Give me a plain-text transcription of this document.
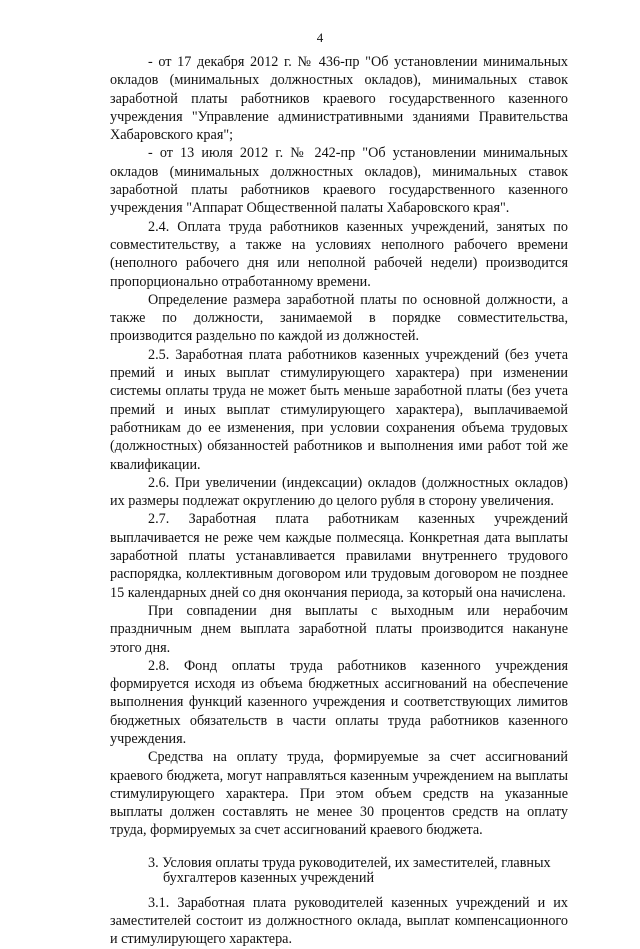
4

- от 17 декабря 2012 г. № 436-пр "Об установлении минимальных окладов (минимальных должностных окладов), минимальных ставок заработной платы работников краевого государственного казенного учреждения "Управление административными зданиями Правительства Хабаровского края";

- от 13 июля 2012 г. № 242-пр "Об установлении минимальных окладов (минимальных должностных окладов), минимальных ставок заработной платы работников краевого государственного казенного учреждения "Аппарат Общественной палаты Хабаровского края".

2.4. Оплата труда работников казенных учреждений, занятых по совместительству, а также на условиях неполного рабочего времени (неполного рабочего дня или неполной рабочей недели) производится пропорционально отработанному времени.

Определение размера заработной платы по основной должности, а также по должности, занимаемой в порядке совместительства, производится раздельно по каждой из должностей.

2.5. Заработная плата работников казенных учреждений (без учета премий и иных выплат стимулирующего характера) при изменении системы оплаты труда не может быть меньше заработной платы (без учета премий и иных выплат стимулирующего характера), выплачиваемой работникам до ее изменения, при условии сохранения объема трудовых (должностных) обязанностей работников и выполнения ими работ той же квалификации.

2.6. При увеличении (индексации) окладов (должностных окладов) их размеры подлежат округлению до целого рубля в сторону увеличения.

2.7. Заработная плата работникам казенных учреждений выплачивается не реже чем каждые полмесяца. Конкретная дата выплаты заработной платы устанавливается правилами внутреннего трудового распорядка, коллективным договором или трудовым договором не позднее 15 календарных дней со дня окончания периода, за который она начислена.

При совпадении дня выплаты с выходным или нерабочим праздничным днем выплата заработной платы производится накануне этого дня.

2.8. Фонд оплаты труда работников казенного учреждения формируется исходя из объема бюджетных ассигнований на обеспечение выполнения функций казенного учреждения и соответствующих лимитов бюджетных обязательств в части оплаты труда работников казенного учреждения.

Средства на оплату труда, формируемые за счет ассигнований краевого бюджета, могут направляться казенным учреждением на выплаты стимулирующего характера. При этом объем средств на указанные выплаты должен составлять не менее 30 процентов средств на оплату труда, формируемых за счет ассигнований краевого бюджета.

3. Условия оплаты труда руководителей, их заместителей, главных
бухгалтеров казенных учреждений

3.1. Заработная плата руководителей казенных учреждений и их заместителей состоит из должностного оклада, выплат компенсационного и стимулирующего характера.
